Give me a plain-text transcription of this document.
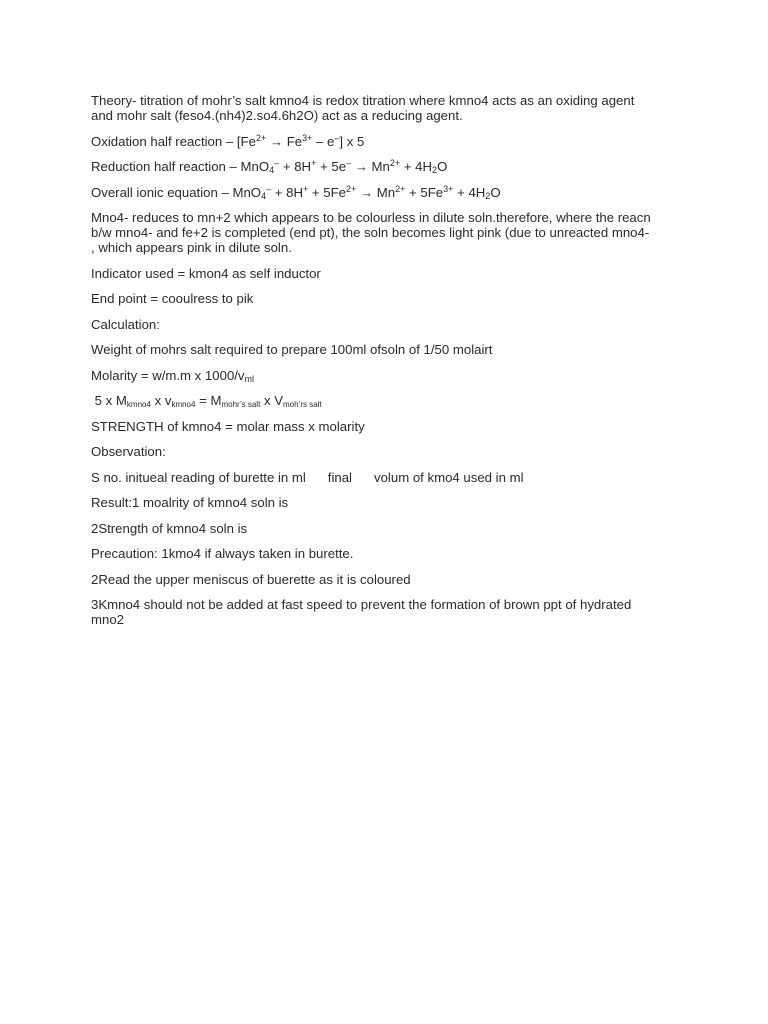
Theory- titration of mohr’s salt kmno4 is redox titration where kmno4 acts as an oxiding agent
and mohr salt (feso4.(nh4)2.so4.6h2O) act as a reducing agent.

Oxidation half reaction – $[Fe^{2+} \to Fe^{3+} - e^-]$ x 5

Reduction half reaction – $MnO_4^- + 8H^+ + 5e^- \to Mn^{2+} + 4H_2O$

Overall ionic equation – $MnO_4^- + 8H^+ + 5Fe^{2+} \to Mn^{2+} + 5Fe^{3+} + 4H_2O$

Mno4- reduces to mn+2 which appears to be colourless in dilute soln.therefore, where the reacn
b/w mno4- and fe+2 is completed (end pt), the soln becomes light pink (due to unreacted mno4-
, which appears pink in dilute soln.

Indicator used = kmon4 as self inductor

End point = cooulress to pik

Calculation:

Weight of mohrs salt required to prepare 100ml ofsoln of 1/50 molairt

Molarity = w/m.m x $1000/v_{ml}$

5 x $M_{kmno4}$ x $v_{kmno4} = M_{mohr’s salt}$ x $V_{moh’rs salt}$

STRENGTH of kmno4 = molar mass x molarity

Observation:

S no. initueal reading of burette in ml final volum of kmo4 used in ml

Result:1 moalrity of kmno4 soln is

2Strength of kmno4 soln is

Precaution: 1kmo4 if always taken in burette.

2Read the upper meniscus of buerette as it is coloured

3Kmno4 should not be added at fast speed to prevent the formation of brown ppt of hydrated
mno2
